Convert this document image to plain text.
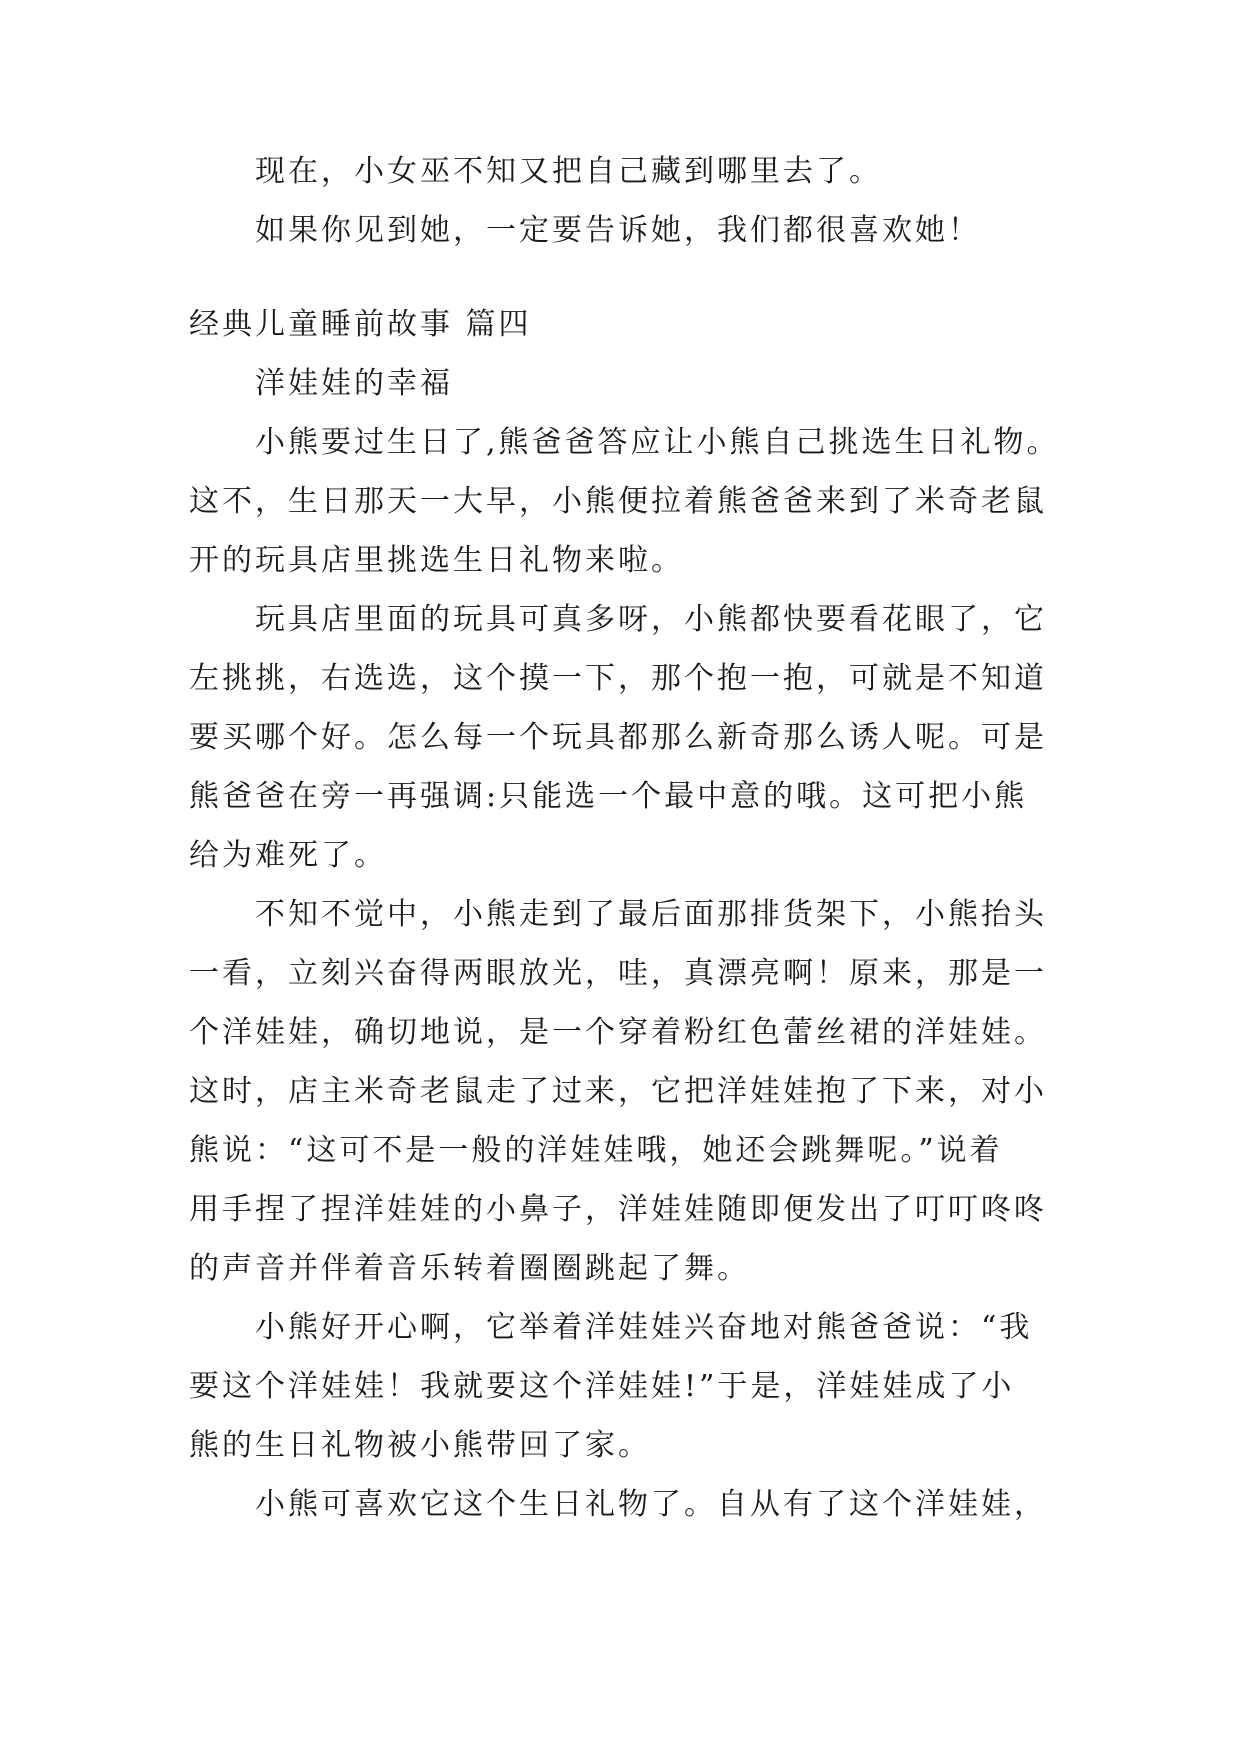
现在，小女巫不知又把自己藏到哪里去了。
如果你见到她，一定要告诉她，我们都很喜欢她！
经典儿童睡前故事 篇四
洋娃娃的幸福
小熊要过生日了,熊爸爸答应让小熊自己挑选生日礼物。
这不，生日那天一大早，小熊便拉着熊爸爸来到了米奇老鼠
开的玩具店里挑选生日礼物来啦。
玩具店里面的玩具可真多呀，小熊都快要看花眼了，它
左挑挑，右选选，这个摸一下，那个抱一抱，可就是不知道
要买哪个好。怎么每一个玩具都那么新奇那么诱人呢。可是
熊爸爸在旁一再强调:只能选一个最中意的哦。这可把小熊
给为难死了。
不知不觉中，小熊走到了最后面那排货架下，小熊抬头
一看，立刻兴奋得两眼放光，哇，真漂亮啊！原来，那是一
个洋娃娃，确切地说，是一个穿着粉红色蕾丝裙的洋娃娃。
这时，店主米奇老鼠走了过来，它把洋娃娃抱了下来，对小
熊说：“这可不是一般的洋娃娃哦，她还会跳舞呢。”说着
用手捏了捏洋娃娃的小鼻子，洋娃娃随即便发出了叮叮咚咚
的声音并伴着音乐转着圈圈跳起了舞。
小熊好开心啊，它举着洋娃娃兴奋地对熊爸爸说：“我
要这个洋娃娃！我就要这个洋娃娃!”于是，洋娃娃成了小
熊的生日礼物被小熊带回了家。
小熊可喜欢它这个生日礼物了。自从有了这个洋娃娃，
